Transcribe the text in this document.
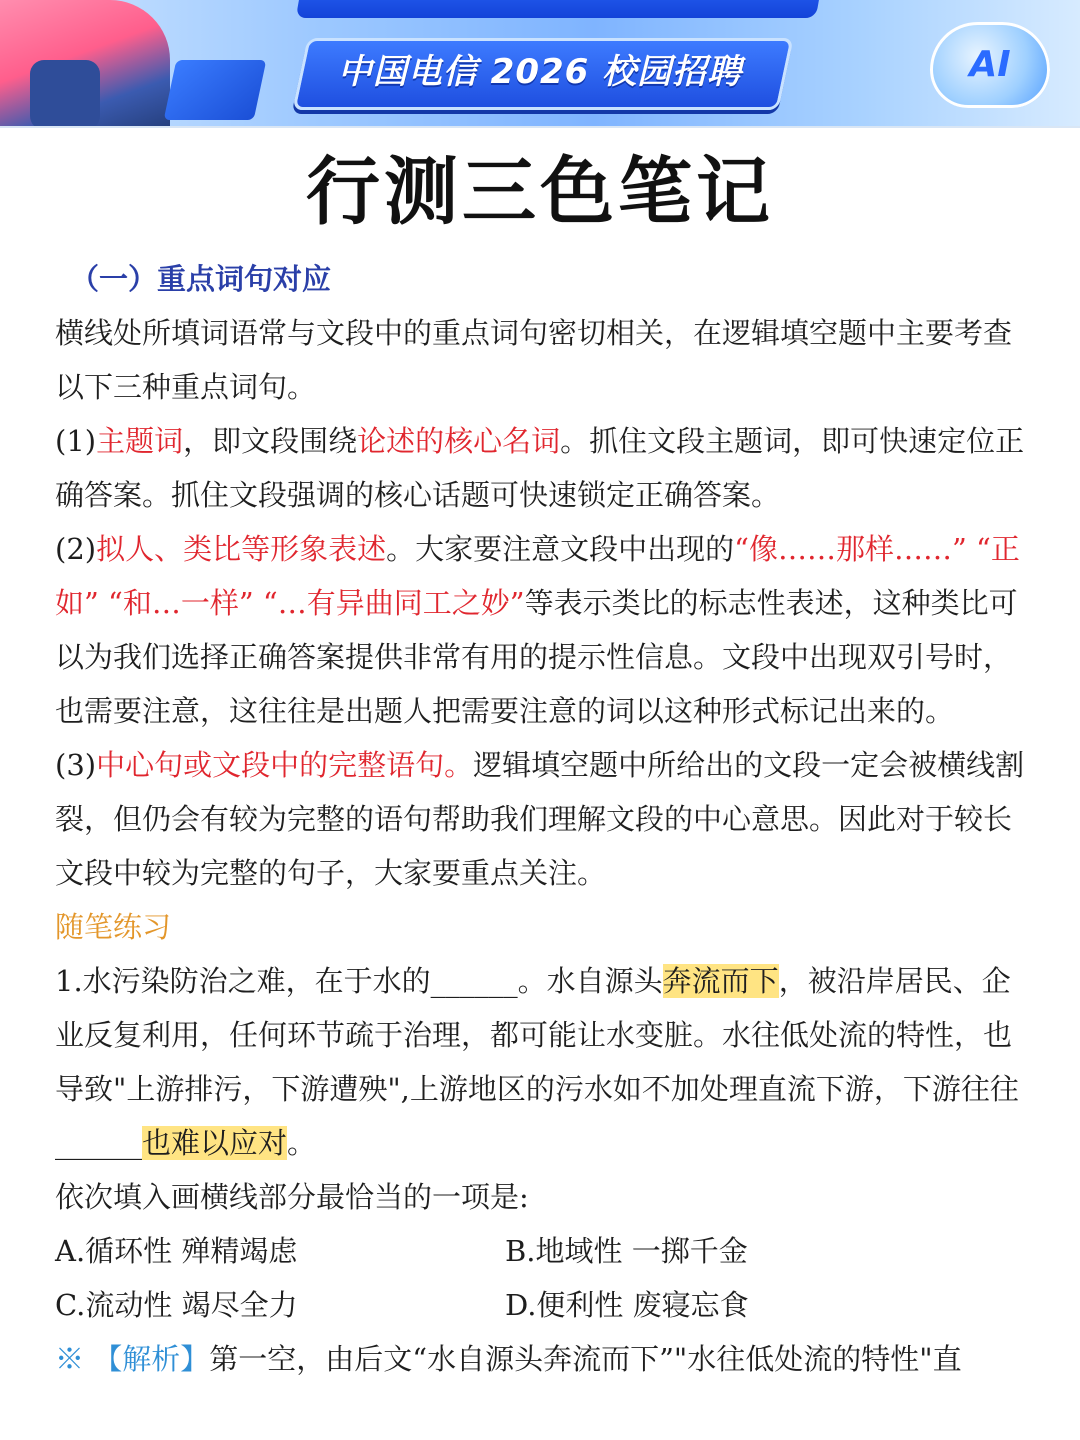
中国电信 2026 校园招聘	AI
行测三色笔记
（一）重点词句对应

横线处所填词语常与文段中的重点词句密切相关，在逻辑填空题中主要考查以下三种重点词句。

(1)主题词，即文段围绕论述的核心名词。抓住文段主题词，即可快速定位正确答案。抓住文段强调的核心话题可快速锁定正确答案。

(2)拟人、类比等形象表述。大家要注意文段中出现的“像……那样……” “正如” “和…一样” “…有异曲同工之妙”等表示类比的标志性表述，这种类比可以为我们选择正确答案提供非常有用的提示性信息。文段中出现双引号时，也需要注意，这往往是出题人把需要注意的词以这种形式标记出来的。

(3)中心句或文段中的完整语句。逻辑填空题中所给出的文段一定会被横线割裂，但仍会有较为完整的语句帮助我们理解文段的中心意思。因此对于较长文段中较为完整的句子，大家要重点关注。

随笔练习

1.水污染防治之难，在于水的______。水自源头奔流而下，被沿岸居民、企业反复利用，任何环节疏于治理，都可能让水变脏。水往低处流的特性，也导致"上游排污，下游遭殃",上游地区的污水如不加处理直流下游，下游往往______也难以应对。

依次填入画横线部分最恰当的一项是:

A.循环性 殚精竭虑	B.地域性 一掷千金
C.流动性 竭尽全力	D.便利性 废寝忘食

※ 【解析】第一空，由后文“水自源头奔流而下”"水往低处流的特性"直
